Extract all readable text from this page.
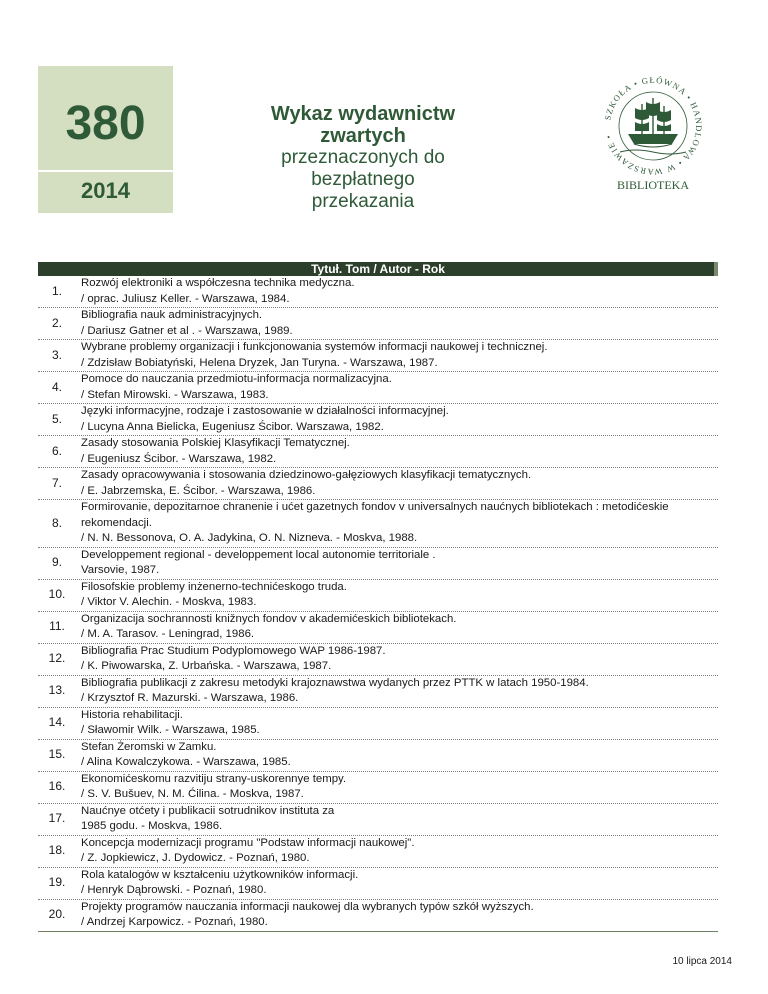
380
2014
Wykaz wydawnictw zwartych
przeznaczonych do bezpłatnego
przekazania
SZKOŁA • GŁÓWNA • HANDLOWA • W WARSZAWIE •
BIBLIOTEKA
Tytuł. Tom / Autor - Rok
1.
Rozwój elektroniki a współczesna technika medyczna.
/ oprac. Juliusz Keller. - Warszawa, 1984.
2.
Bibliografia nauk administracyjnych.
/ Dariusz Gatner et al . - Warszawa, 1989.
3.
Wybrane problemy organizacji i funkcjonowania systemów informacji naukowej i technicznej.
/ Zdzisław Bobiatyński, Helena Dryzek, Jan Turyna. - Warszawa, 1987.
4.
Pomoce do nauczania przedmiotu-informacja normalizacyjna.
/ Stefan Mirowski. - Warszawa, 1983.
5.
Języki informacyjne, rodzaje i zastosowanie w działalności informacyjnej.
/ Lucyna Anna Bielicka, Eugeniusz Ścibor. Warszawa, 1982.
6.
Zasady stosowania Polskiej Klasyfikacji Tematycznej.
/ Eugeniusz Ścibor. - Warszawa, 1982.
7.
Zasady opracowywania i stosowania dziedzinowo-gałęziowych klasyfikacji tematycznych.
/ E. Jabrzemska, E. Ścibor. - Warszawa, 1986.
8.
Formirovanie, depozitarnoe chranenie i ućet gazetnych fondov v universalnych naućnych bibliotekach : metodićeskie
rekomendacji.
/ N. N. Bessonova, O. A. Jadykina, O. N. Nizneva. - Moskva, 1988.
9.
Developpement regional - developpement local autonomie territoriale .
Varsovie, 1987.
10.
Filosofskie problemy inżenerno-technićeskogo truda.
/ Viktor V. Alechin. - Moskva, 1983.
11.
Organizacija sochrannosti knižnych fondov v akademićeskich bibliotekach.
/ M. A. Tarasov. - Leningrad, 1986.
12.
Bibliografia Prac Studium Podyplomowego WAP 1986-1987.
/ K. Piwowarska, Z. Urbańska. - Warszawa, 1987.
13.
Bibliografia publikacji z zakresu metodyki krajoznawstwa wydanych przez PTTK w latach 1950-1984.
/ Krzysztof R. Mazurski. - Warszawa, 1986.
14.
Historia rehabilitacji.
/ Sławomir Wilk. - Warszawa, 1985.
15.
Stefan Żeromski w Zamku.
/ Alina Kowalczykowa. - Warszawa, 1985.
16.
Ekonomićeskomu razvitiju strany-uskorennye tempy.
/ S. V. Bušuev, N. M. Ćilina. - Moskva, 1987.
17.
Naućnye otćety i publikacii sotrudnikov instituta za
1985 godu. - Moskva, 1986.
18.
Koncepcja modernizacji programu "Podstaw informacji naukowej".
/ Z. Jopkiewicz, J. Dydowicz. - Poznań, 1980.
19.
Rola katalogów w kształceniu użytkowników informacji.
/ Henryk Dąbrowski. - Poznań, 1980.
20.
Projekty programów nauczania informacji naukowej dla wybranych typów szkół wyższych.
/ Andrzej Karpowicz. - Poznań, 1980.
10 lipca 2014
